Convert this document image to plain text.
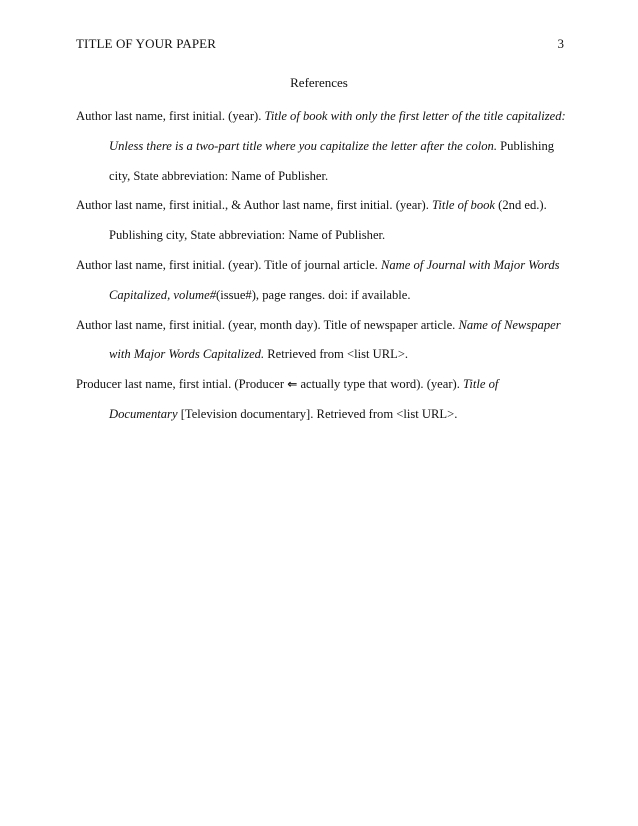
TITLE OF YOUR PAPER	3
References

Author last name, first initial. (year). Title of book with only the first letter of the title capitalized: Unless there is a two-part title where you capitalize the letter after the colon. Publishing city, State abbreviation: Name of Publisher.

Author last name, first initial., & Author last name, first initial. (year). Title of book (2nd ed.). Publishing city, State abbreviation: Name of Publisher.

Author last name, first initial. (year). Title of journal article. Name of Journal with Major Words Capitalized, volume#(issue#), page ranges. doi: if available.

Author last name, first initial. (year, month day). Title of newspaper article. Name of Newspaper with Major Words Capitalized. Retrieved from <list URL>.

Producer last name, first intial. (Producer ⇐ actually type that word). (year). Title of Documentary [Television documentary]. Retrieved from <list URL>.
